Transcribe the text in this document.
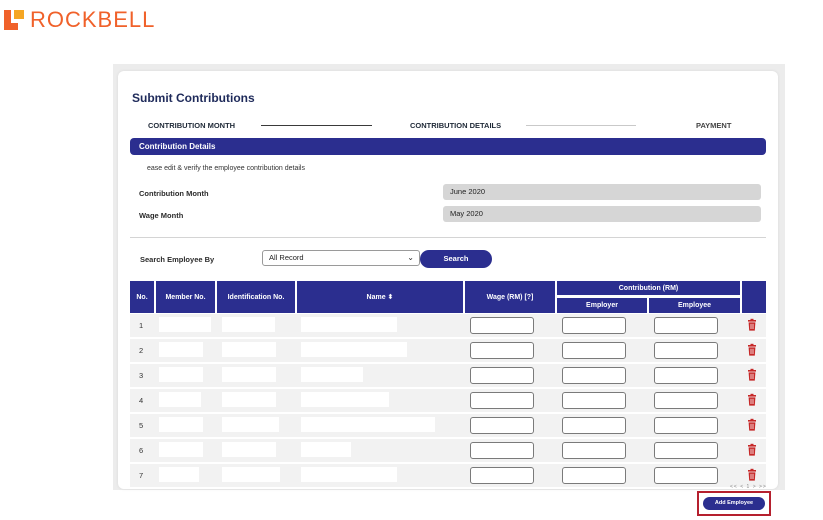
ROCKBELL
Submit Contributions
CONTRIBUTION MONTH	CONTRIBUTION DETAILS	PAYMENT
Contribution Details
ease edit & verify the employee contribution details
Contribution Month	June 2020
Wage Month	May 2020
Search Employee By	All Record	⌄	Search
No.	Member No.	Identification No.	Name ⬍	Wage (RM) [?]
Contribution (RM)
Employer	Employee
1
2
3
4
5
6
7
<< < 1 > >>
Add Employee
